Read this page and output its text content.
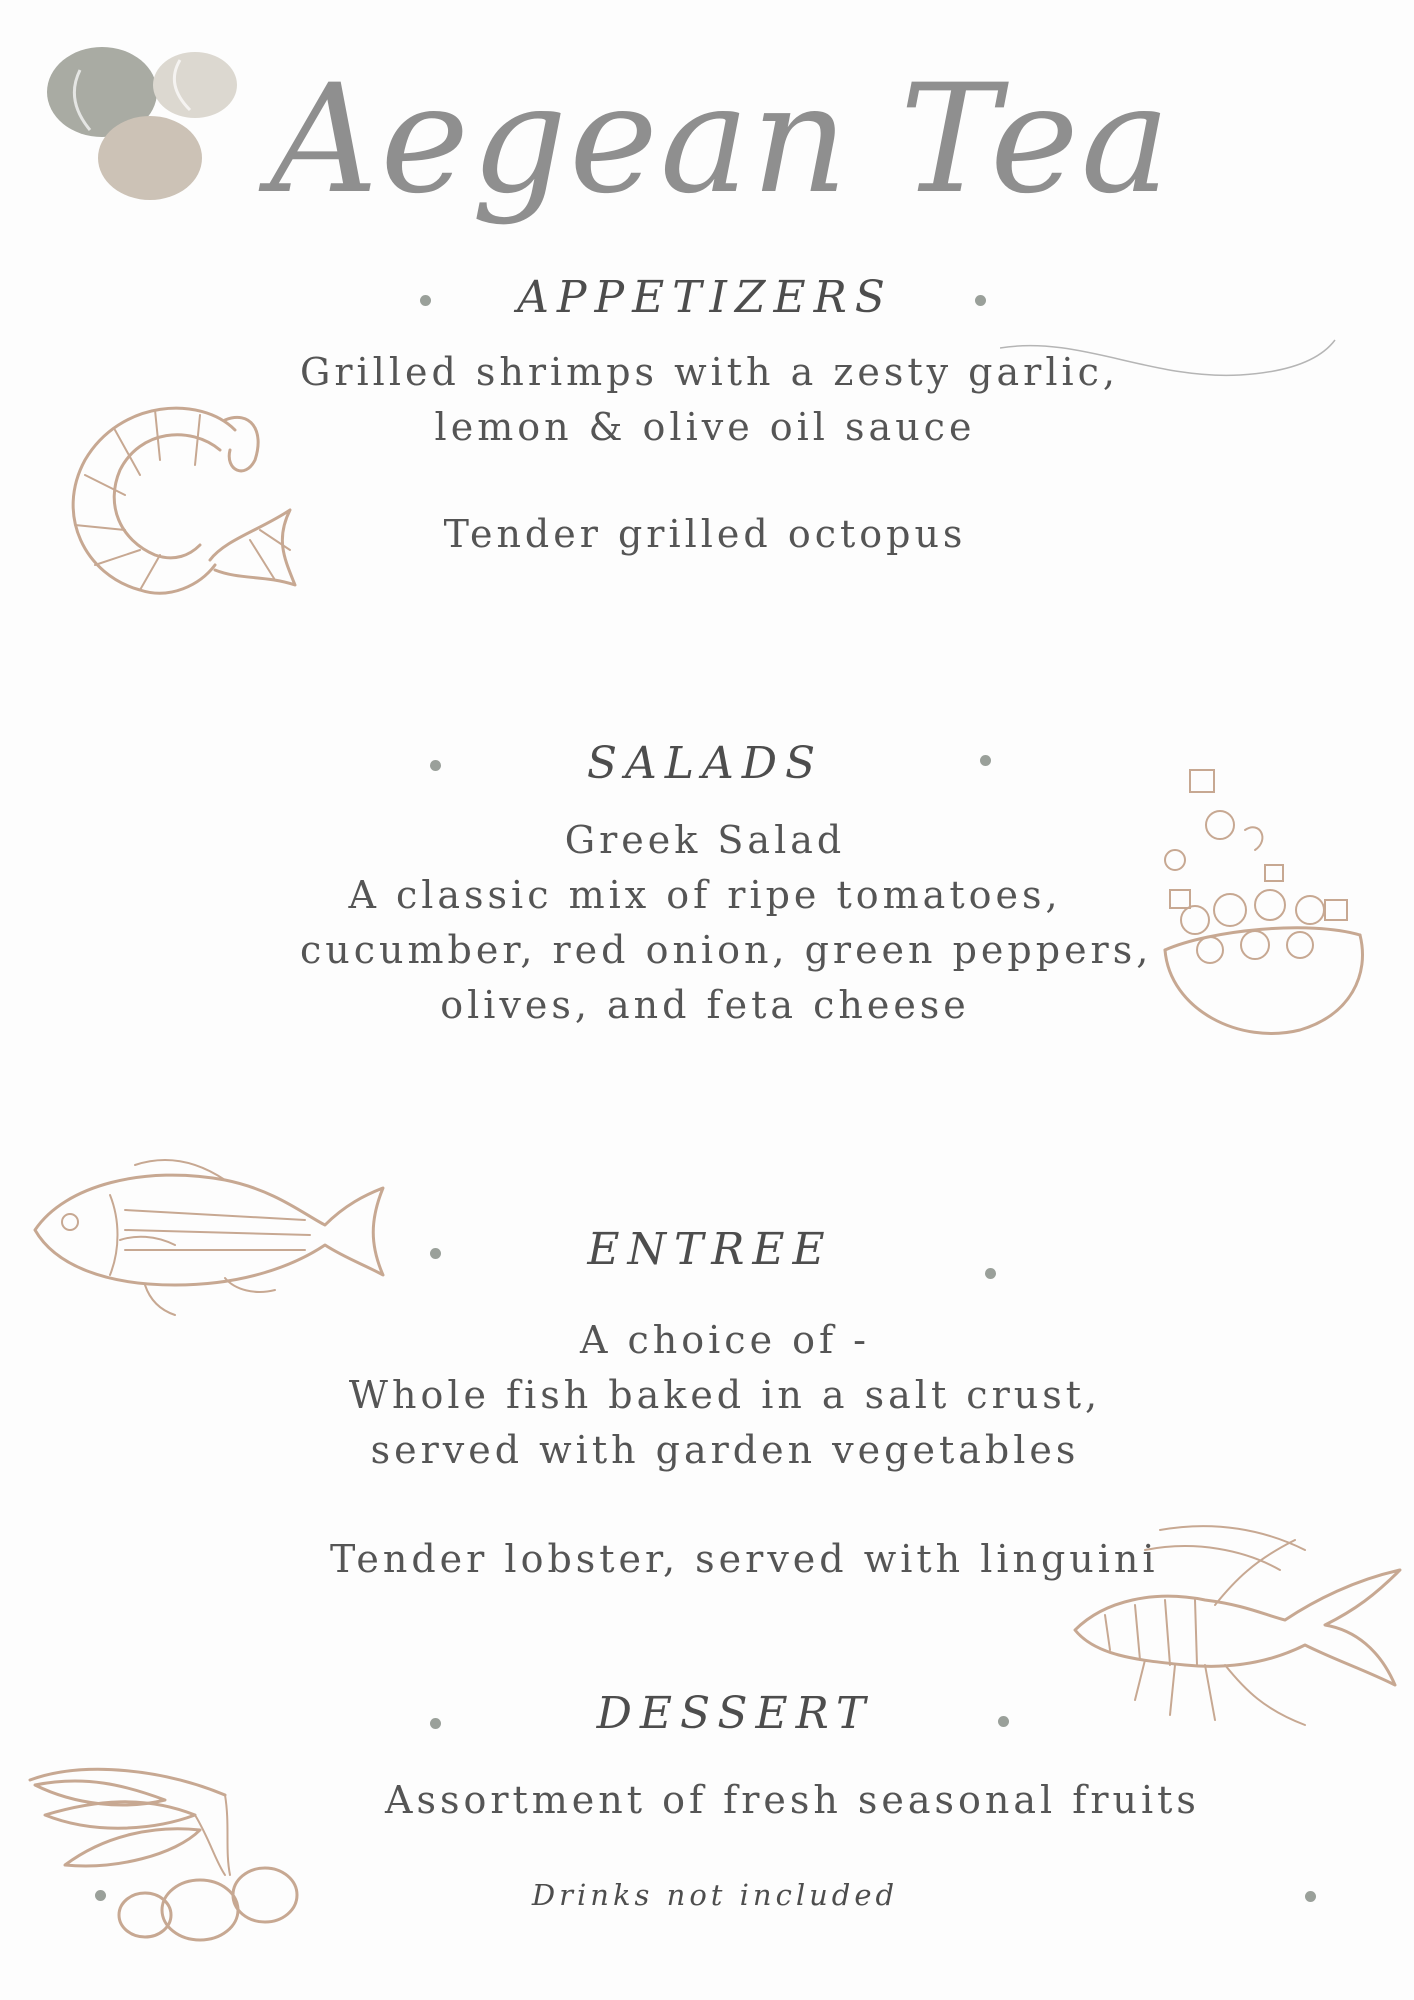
Aegean Tea
APPETIZERS
Grilled shrimps with a zesty garlic,
lemon & olive oil sauce
Tender grilled octopus
SALADS
Greek Salad
A classic mix of ripe tomatoes,
cucumber, red onion, green peppers,
olives, and feta cheese
ENTREE
A choice of -
Whole fish baked in a salt crust,
served with garden vegetables
Tender lobster, served with linguini
DESSERT
Assortment of fresh seasonal fruits
Drinks not included
